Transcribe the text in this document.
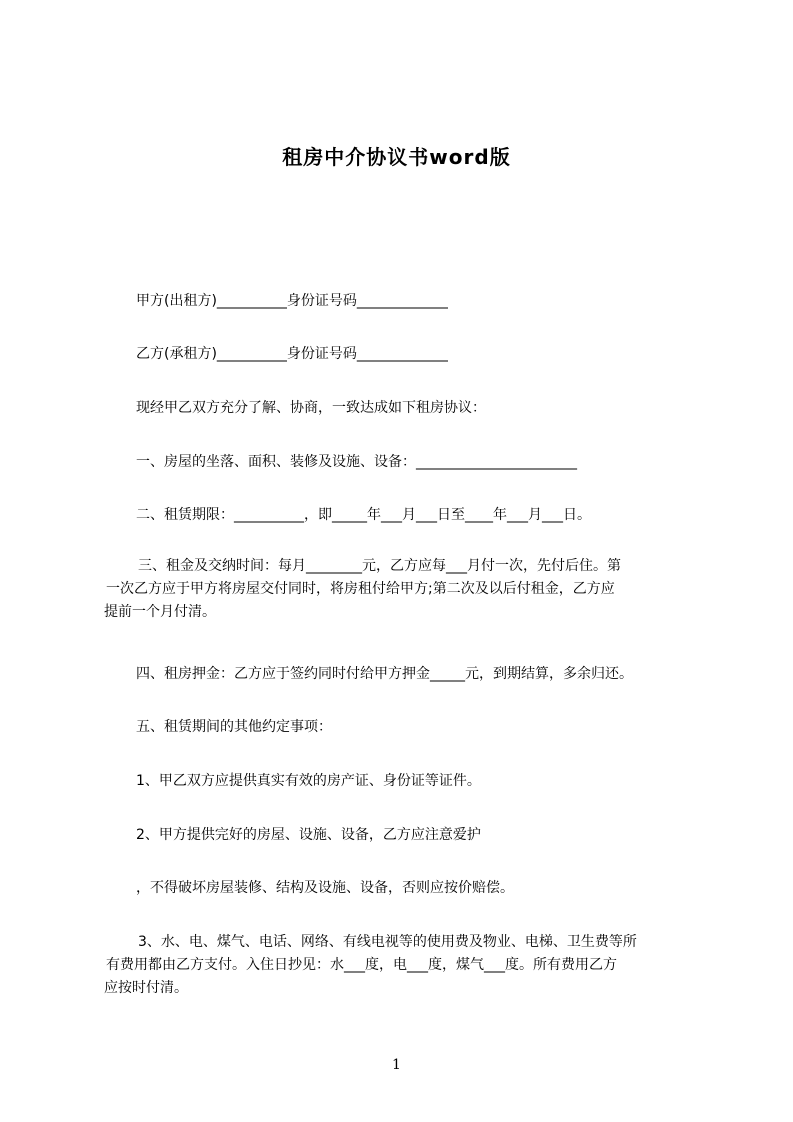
租房中介协议书word版
甲方(出租方)__________身份证号码_____________
乙方(承租方)__________身份证号码_____________
现经甲乙双方充分了解、协商，一致达成如下租房协议：
一、房屋的坐落、面积、装修及设施、设备：_______________________
二、租赁期限：__________，即_____年___月___日至____年___月___日。
三、租金及交纳时间：每月________元，乙方应每___月付一次，先付后住。第
一次乙方应于甲方将房屋交付同时，将房租付给甲方;第二次及以后付租金，乙方应
提前一个月付清。
四、租房押金：乙方应于签约同时付给甲方押金_____元，到期结算，多余归还。
五、租赁期间的其他约定事项：
1、甲乙双方应提供真实有效的房产证、身份证等证件。
2、甲方提供完好的房屋、设施、设备，乙方应注意爱护
，不得破坏房屋装修、结构及设施、设备，否则应按价赔偿。
3、水、电、煤气、电话、网络、有线电视等的使用费及物业、电梯、卫生费等所
有费用都由乙方支付。入住日抄见：水___度，电___度，煤气___度。所有费用乙方
应按时付清。
1
